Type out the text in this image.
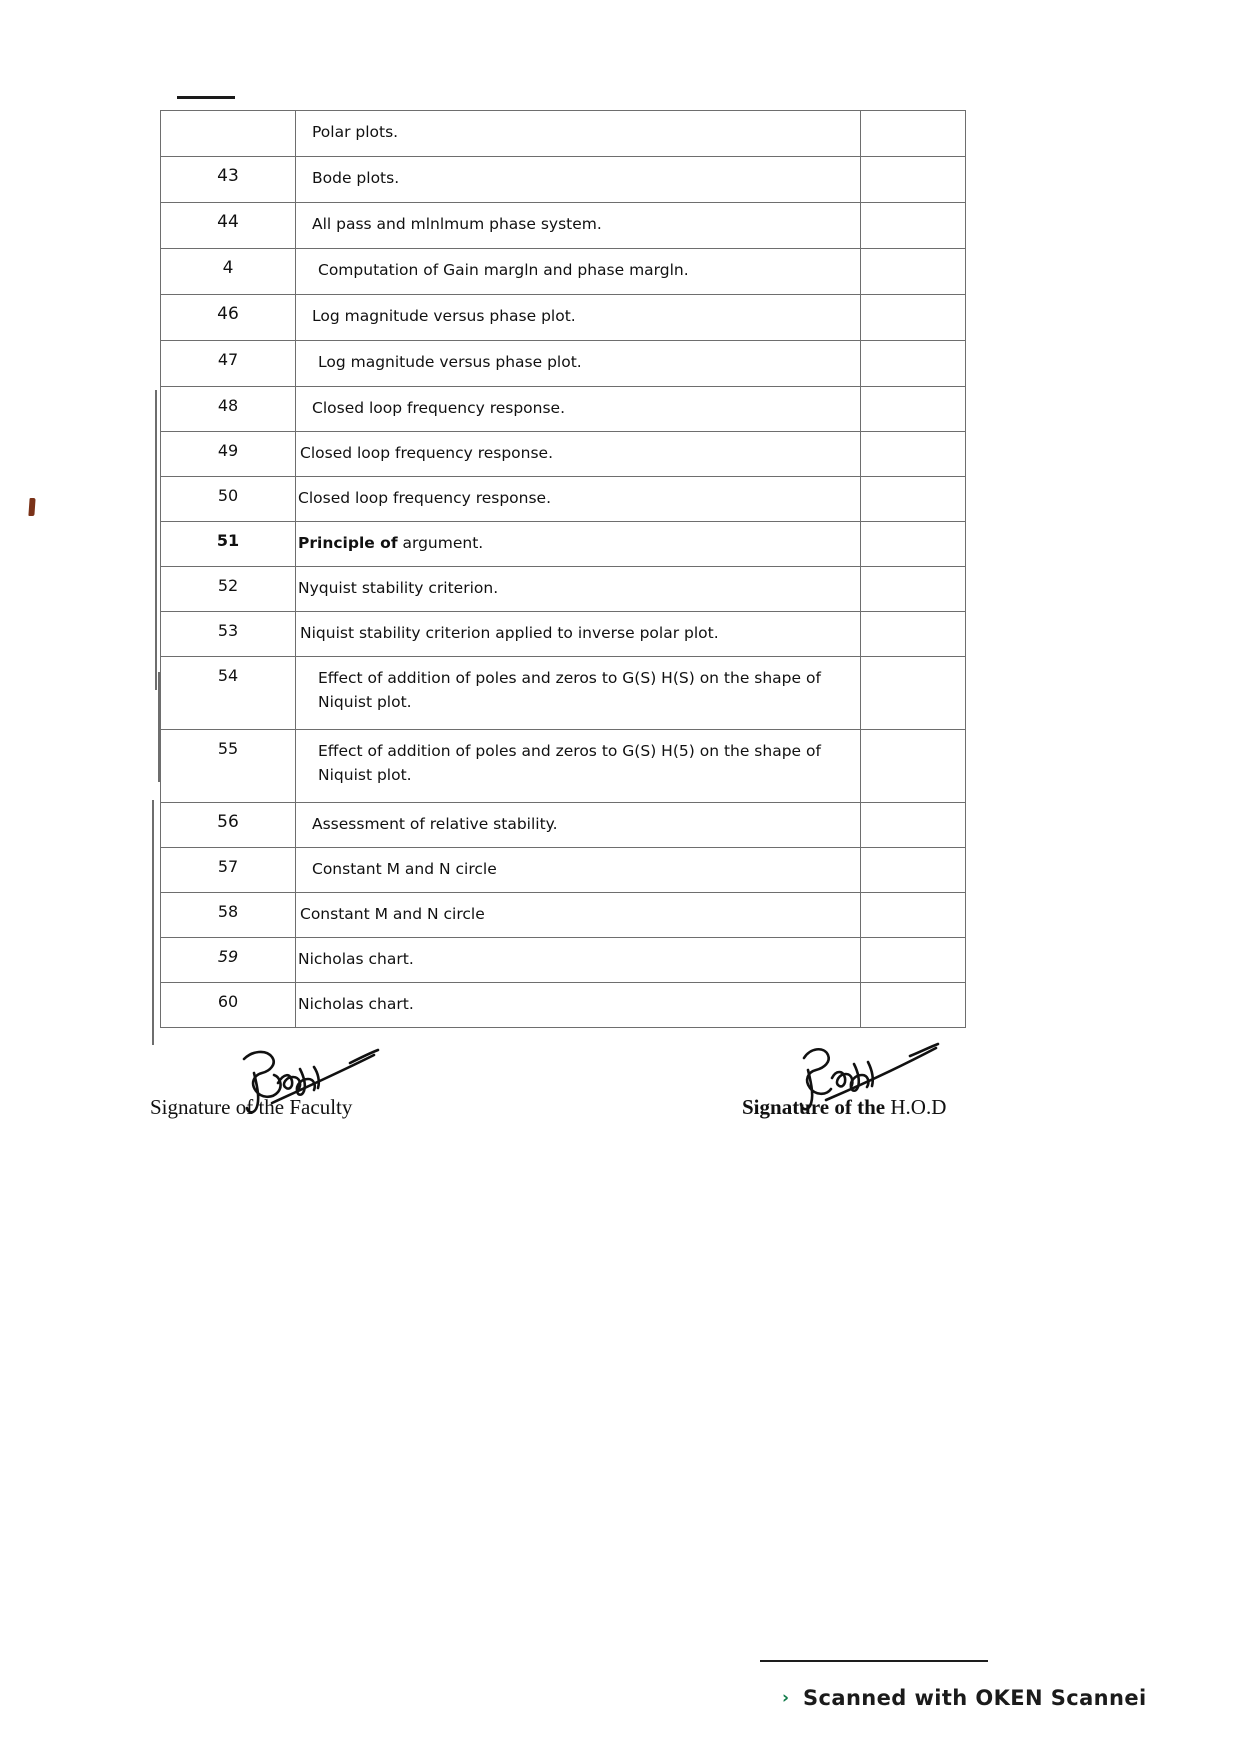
	Polar plots.	

43	Bode plots.	

44	All pass and mlnlmum phase system.	

4	Computation of Gain margln and phase margln.	

46	Log magnitude versus phase plot.	

47	Log magnitude versus phase plot.	

48	Closed loop frequency response.	

49	Closed loop frequency response.	

50	Closed loop frequency response.	

51	Principle of argument.	

52	Nyquist stability criterion.	

53	Niquist stability criterion applied to inverse polar plot.	

54	Effect of addition of poles and zeros to G(S) H(S) on the shape of Niquist plot.	

55	Effect of addition of poles and zeros to G(S) H(5) on the shape of Niquist plot.	

56	Assessment of relative stability.	

57	Constant M and N circle	

58	Constant M and N circle	

59	Nicholas chart.	

60	Nicholas chart.	

Signature of the Faculty	Signature of the H.O.D
› Scanned with OKEN Scannei
